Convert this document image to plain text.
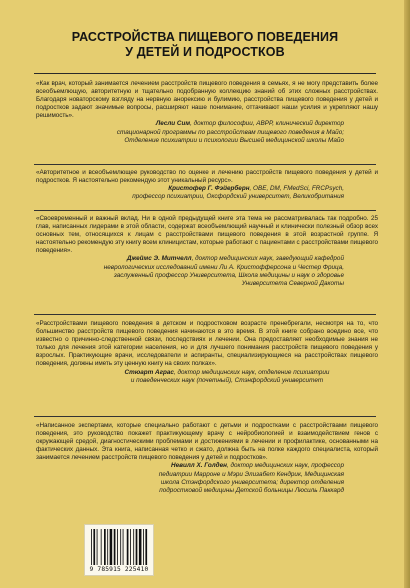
РАССТРОЙСТВА ПИЩЕВОГО ПОВЕДЕНИЯ
У ДЕТЕЙ И ПОДРОСТКОВ

«Как врач, который занимается лечением расстройств пищевого поведения в семьях, я не могу представить более всеобъемлющую, авторитетную и тщательно подобранную коллекцию знаний об этих сложных расстройствах. Благодаря новаторскому взгляду на нервную анорексию и булимию, расстройства пищевого поведения у детей и подростков задают значимые вопросы, расширяют наше понимание, оттачивают наши усилия и укрепляют нашу решимость».

Лесли Сим, доктор философии, АВРР, клинический директор
стационарной программы по расстройствам пищевого поведения в Майо;
Отделение психиатрии и психологии Высшей медицинской школы Майо

«Авторитетное и всеобъемлющее руководство по оценке и лечению расстройств пищевого поведения у детей и подростков. Я настоятельно рекомендую этот уникальный ресурс».

Кристофер Г. Фэйерберн, OBE, DM, FMedSci, FRCPsych,
профессор психиатрии, Оксфордский университет, Великобритания

«Своевременный и важный вклад. Ни в одной предыдущей книге эта тема не рассматривалась так подробно. 25 глав, написанных лидерами в этой области, содержат всеобъемлющий научный и клинически полезный обзор всех основных тем, относящихся к лицам с расстройствами пищевого поведения в этой возрастной группе. Я настоятельно рекомендую эту книгу всем клиницистам, которые работают с пациентами с расстройствами пищевого поведения».

Джеймс Э. Митчелл, доктор медицинских наук, заведующий кафедрой
неврологических исследований имени Ли А. Кристофферсона и Честер Фрица,
заслуженный профессор Университета, Школа медицины и наук о здоровье
Университета Северной Дакоты

«Расстройствами пищевого поведения в детском и подростковом возрасте пренебрегали, несмотря на то, что большинство расстройств пищевого поведения начинаются в это время. В этой книге собрано воедино все, что известно о причинно-следственной связи, последствиях и лечении. Она предоставляет необходимые знания не только для лечения этой категории населения, но и для лучшего понимания расстройств пищевого поведения у взрослых. Практикующие врачи, исследователи и аспиранты, специализирующиеся на расстройствах пищевого поведения, должны иметь эту ценную книгу на своих полках».

Стюарт Аграс, доктор медицинских наук, отделение психиатрии
и поведенческих наук (почетный), Стэнфордский университет

«Написанное экспертами, которые специально работают с детьми и подростками с расстройствами пищевого поведения, это руководство покажет практикующему врачу с нейробиологией и взаимодействием генов с окружающей средой, диагностическими проблемами и достижениями в лечении и профилактике, основанными на фактических данных. Эта книга, написанная четко и сжато, должна быть на полке каждого специалиста, который занимается лечением расстройств пищевого поведения у детей и подростков».

Невилл Х. Голден, доктор медицинских наук, профессор
педиатрии Марроне и Мэри Элизабет Кендрик, Медицинская
школа Стэнфордского университета; директор отделения
подростковой медицины Детской больницы Люсиль Паккард
9 785915 225410
